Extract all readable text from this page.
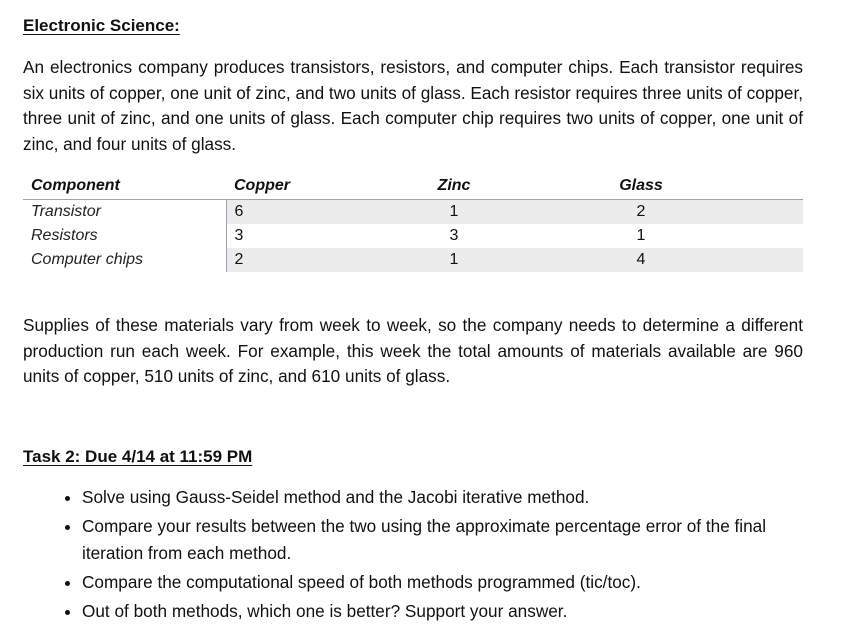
Electronic Science:

An electronics company produces transistors, resistors, and computer chips. Each transistor requires six units of copper, one unit of zinc, and two units of glass. Each resistor requires three units of copper, three unit of zinc, and one units of glass. Each computer chip requires two units of copper, one unit of zinc, and four units of glass.

Component	Copper	Zinc	Glass
Transistor	6	1	2
Resistors	3	3	1
Computer chips	2	1	4

Supplies of these materials vary from week to week, so the company needs to determine a different production run each week. For example, this week the total amounts of materials available are 960 units of copper, 510 units of zinc, and 610 units of glass.

Task 2: Due 4/14 at 11:59 PM
• Solve using Gauss-Seidel method and the Jacobi iterative method.
• Compare your results between the two using the approximate percentage error of the final iteration from each method.
• Compare the computational speed of both methods programmed (tic/toc).
• Out of both methods, which one is better? Support your answer.
